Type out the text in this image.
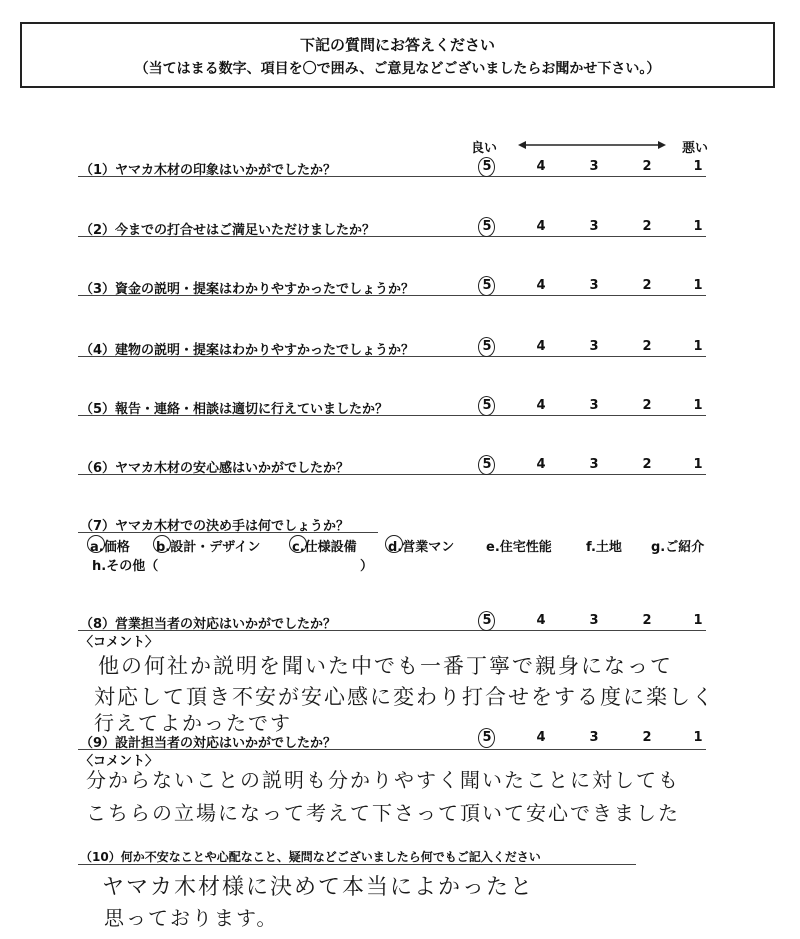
下記の質問にお答えください
（当てはまる数字、項目を〇で囲み、ご意見などございましたらお聞かせ下さい。）
良い	悪い
（1）ヤマカ木材の印象はいかがでしたか？	5	4	3	2	1
（2）今までの打合せはご満足いただけましたか？	5	4	3	2	1
（3）資金の説明・提案はわかりやすかったでしょうか？	5	4	3	2	1
（4）建物の説明・提案はわかりやすかったでしょうか？	5	4	3	2	1
（5）報告・連絡・相談は適切に行えていましたか？	5	4	3	2	1
（6）ヤマカ木材の安心感はいかがでしたか？	5	4	3	2	1
（7）ヤマカ木材での決め手は何でしょうか？
a.価格 b.設計・デザイン c.仕様設備 d.営業マン e.住宅性能	f.土地 g.ご紹介
h.その他（	）
（8）営業担当者の対応はいかがでしたか？	5	4	3	2	1
〈コメント〉
他の何社か説明を聞いた中でも一番丁寧で親身になって
対応して頂き不安が安心感に変わり打合せをする度に楽しく
行えてよかったです
（9）設計担当者の対応はいかがでしたか？	5	4	3	2	1
〈コメント〉
分からないことの説明も分かりやすく聞いたことに対しても
こちらの立場になって考えて下さって頂いて安心できました
（10）何か不安なことや心配なこと、疑問などございましたら何でもご記入ください
ヤマカ木材様に決めて本当によかったと
思っております。
